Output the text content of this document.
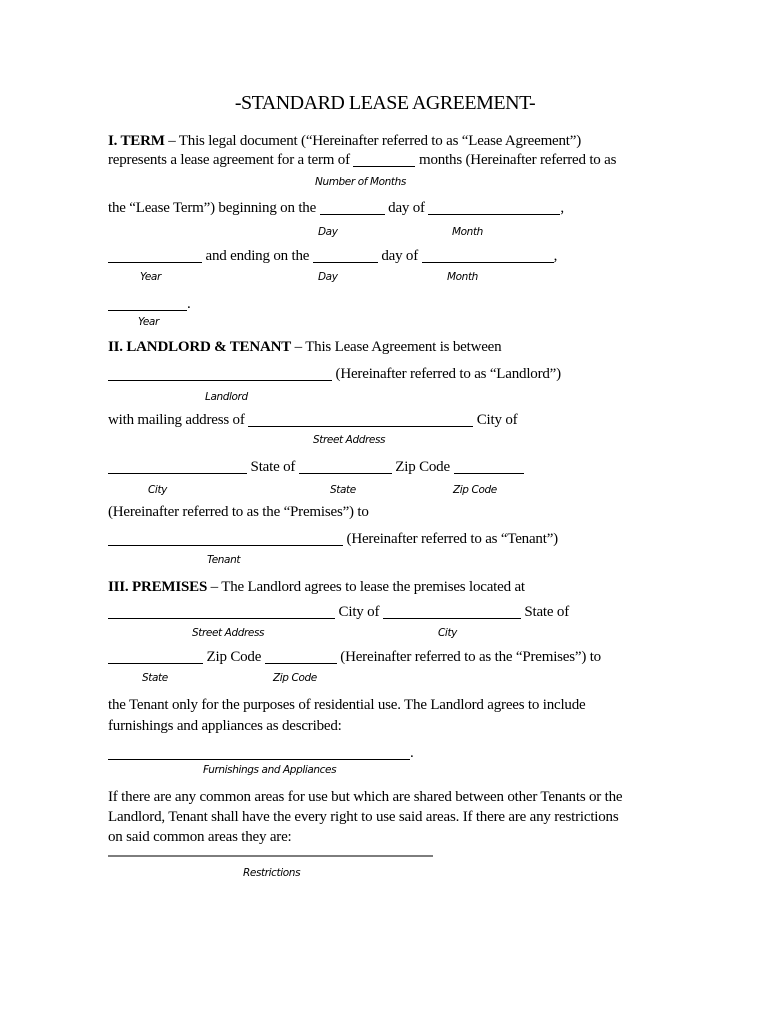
-STANDARD LEASE AGREEMENT-
I. TERM – This legal document (“Hereinafter referred to as “Lease Agreement”)
represents a lease agreement for a term of	months (Hereinafter referred to as
Number of Months
the “Lease Term”) beginning on the	day of	,
Day	Month
and ending on the	day of	,
Year	Day	Month
.
Year
II. LANDLORD & TENANT – This Lease Agreement is between
(Hereinafter referred to as “Landlord”)
Landlord
with mailing address of	City of
Street Address
State of	Zip Code
City	State	Zip Code
(Hereinafter referred to as the “Premises”) to
(Hereinafter referred to as “Tenant”)
Tenant
III. PREMISES – The Landlord agrees to lease the premises located at
City of	State of
Street Address	City
Zip Code	(Hereinafter referred to as the “Premises”) to
State	Zip Code
the Tenant only for the purposes of residential use. The Landlord agrees to include
furnishings and appliances as described:
.
Furnishings and Appliances
If there are any common areas for use but which are shared between other Tenants or the
Landlord, Tenant shall have the every right to use said areas. If there are any restrictions
on said common areas they are:
Restrictions
